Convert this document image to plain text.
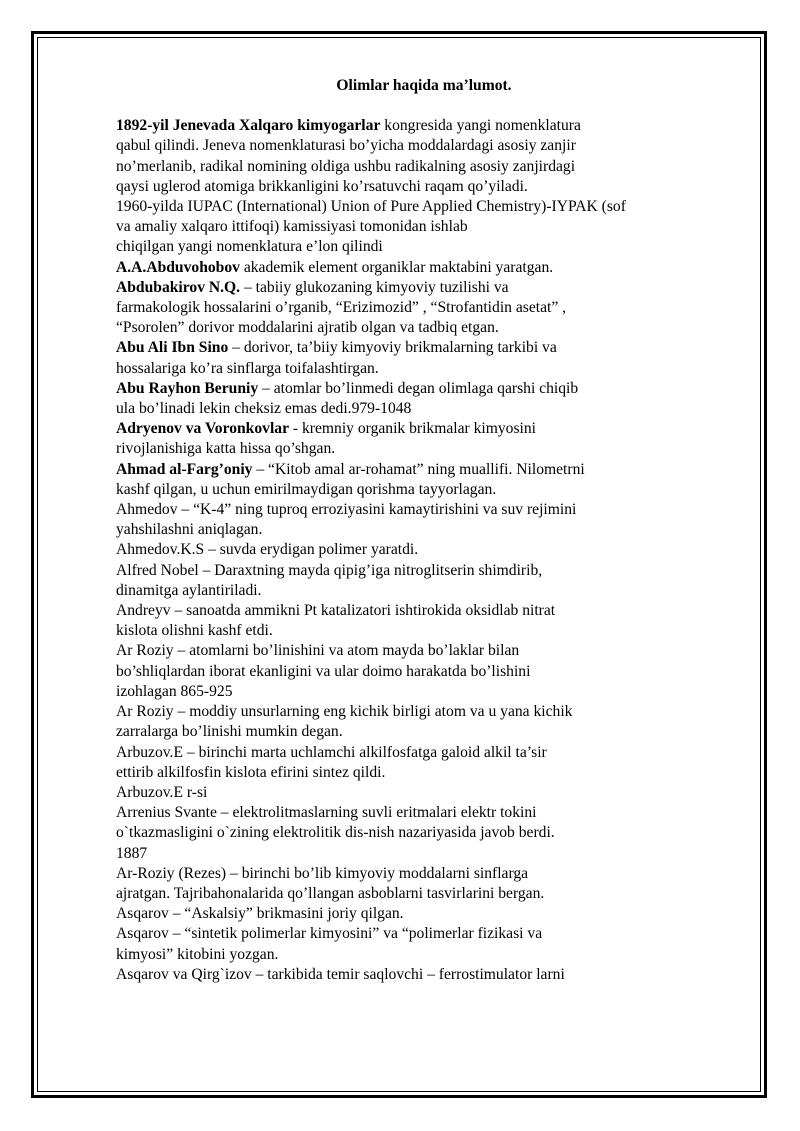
Olimlar haqida ma’lumot.
1892-yil Jenevada Xalqaro kimyogarlar kongresida yangi nomenklatura
qabul qilindi. Jeneva nomenklaturasi bo’yicha moddalardagi asosiy zanjir
no’merlanib, radikal nomining oldiga ushbu radikalning asosiy zanjirdagi
qaysi uglerod atomiga brikkanligini ko’rsatuvchi raqam qo’yiladi.
1960-yilda IUPAC (International) Union of Pure Applied Chemistry)-IYPAK (sof
va amaliy xalqaro ittifoqi) kamissiyasi tomonidan ishlab
chiqilgan yangi nomenklatura e’lon qilindi
A.A.Abduvohobov akademik element organiklar maktabini yaratgan.
Abdubakirov N.Q. – tabiiy glukozaning kimyoviy tuzilishi va
farmakologik hossalarini o’rganib, “Erizimozid” , “Strofantidin asetat” ,
“Psorolen” dorivor moddalarini ajratib olgan va tadbiq etgan.
Abu Ali Ibn Sino – dorivor, ta’biiy kimyoviy brikmalarning tarkibi va
hossalariga ko’ra sinflarga toifalashtirgan.
Abu Rayhon Beruniy – atomlar bo’linmedi degan olimlaga qarshi chiqib
ula bo’linadi lekin cheksiz emas dedi.979-1048
Adryenov va Voronkovlar - kremniy organik brikmalar kimyosini
rivojlanishiga katta hissa qo’shgan.
Ahmad al-Farg’oniy – “Kitob amal ar-rohamat” ning muallifi. Nilometrni
kashf qilgan, u uchun emirilmaydigan qorishma tayyorlagan.
Ahmedov – “K-4” ning tuproq erroziyasini kamaytirishini va suv rejimini
yahshilashni aniqlagan.
Ahmedov.K.S – suvda erydigan polimer yaratdi.
Alfred Nobel – Daraxtning mayda qipig’iga nitroglitserin shimdirib,
dinamitga aylantiriladi.
Andreyv – sanoatda ammikni Pt katalizatori ishtirokida oksidlab nitrat
kislota olishni kashf etdi.
Ar Roziy – atomlarni bo’linishini va atom mayda bo’laklar bilan
bo’shliqlardan iborat ekanligini va ular doimo harakatda bo’lishini
izohlagan 865-925
Ar Roziy – moddiy unsurlarning eng kichik birligi atom va u yana kichik
zarralarga bo’linishi mumkin degan.
Arbuzov.E – birinchi marta uchlamchi alkilfosfatga galoid alkil ta’sir
ettirib alkilfosfin kislota efirini sintez qildi.
Arbuzov.E r-si
Arrenius Svante – elektrolitmaslarning suvli eritmalari elektr tokini
o`tkazmasligini o`zining elektrolitik dis-nish nazariyasida javob berdi.
1887
Ar-Roziy (Rezes) – birinchi bo’lib kimyoviy moddalarni sinflarga
ajratgan. Tajribahonalarida qo’llangan asboblarni tasvirlarini bergan.
Asqarov – “Askalsiy” brikmasini joriy qilgan.
Asqarov – “sintetik polimerlar kimyosini” va “polimerlar fizikasi va
kimyosi” kitobini yozgan.
Asqarov va Qirg`izov – tarkibida temir saqlovchi – ferrostimulator larni
